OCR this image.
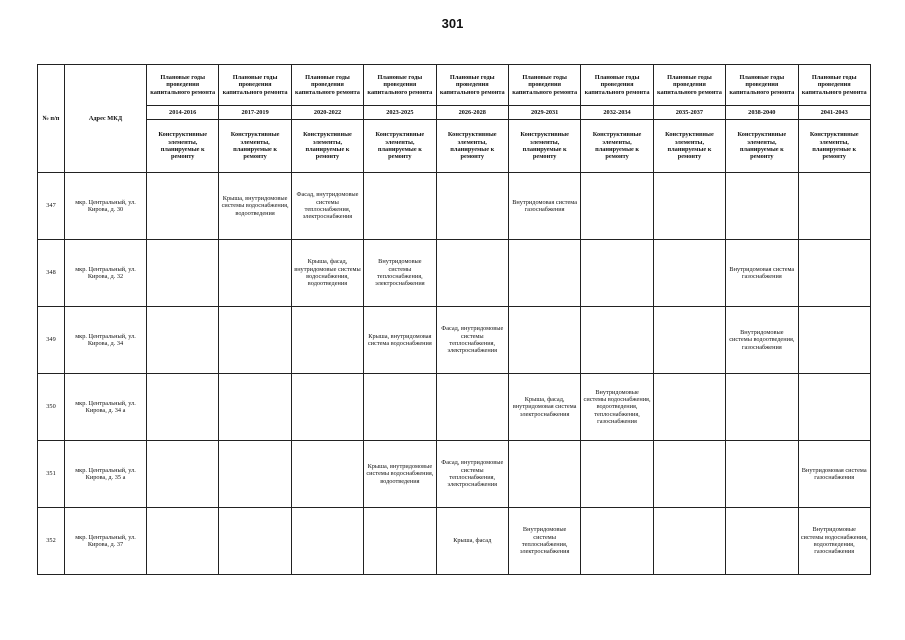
301
№ п/п	Адрес МКД	Плановые годы проведения капитального ремонта	Плановые годы проведения капитального ремонта	Плановые годы проведения капитального ремонта	Плановые годы проведения капитального ремонта	Плановые годы проведения капитального ремонта	Плановые годы проведения капитального ремонта	Плановые годы проведения капитального ремонта	Плановые годы проведения капитального ремонта	Плановые годы проведения капитального ремонта	Плановые годы проведения капитального ремонта
		2014-2016	2017-2019	2020-2022	2023-2025	2026-2028	2029-2031	2032-2034	2035-2037	2038-2040	2041-2043
		Конструктивные элементы, планируемые к ремонту	Конструктивные элементы, планируемые к ремонту	Конструктивные элементы, планируемые к ремонту	Конструктивные элементы, планируемые к ремонту	Конструктивные элементы, планируемые к ремонту	Конструктивные элементы, планируемые к ремонту	Конструктивные элементы, планируемые к ремонту	Конструктивные элементы, планируемые к ремонту	Конструктивные элементы, планируемые к ремонту	Конструктивные элементы, планируемые к ремонту
347	мкр. Центральный, ул. Кирова, д. 30		Крыша, внутридомовые системы водоснабжения, водоотведения	Фасад, внутридомовые системы теплоснабжения, электроснабжения			Внутридомовая система газоснабжения				
348	мкр. Центральный, ул. Кирова, д. 32			Крыша, фасад, внутридомовые системы водоснабжения, водоотведения	Внутридомовые системы теплоснабжения, электроснабжения					Внутридомовая система газоснабжения	
349	мкр. Центральный, ул. Кирова, д. 34				Крыша, внутридомовая система водоснабжения	Фасад, внутридомовые системы теплоснабжения, электроснабжения				Внутридомовые системы водоотведения, газоснабжения	
350	мкр. Центральный, ул. Кирова, д. 34 а						Крыша, фасад, внутридомовая система электроснабжения	Внутридомовые системы водоснабжения, водоотведения, теплоснабжения, газоснабжения			
351	мкр. Центральный, ул. Кирова, д. 35 а				Крыша, внутридомовые системы водоснабжения, водоотведения	Фасад, внутридомовые системы теплоснабжения, электроснабжения					Внутридомовая система газоснабжения
352	мкр. Центральный, ул. Кирова, д. 37					Крыша, фасад	Внутридомовые системы теплоснабжения, электроснабжения				Внутридомовые системы водоснабжения, водоотведения, газоснабжения
